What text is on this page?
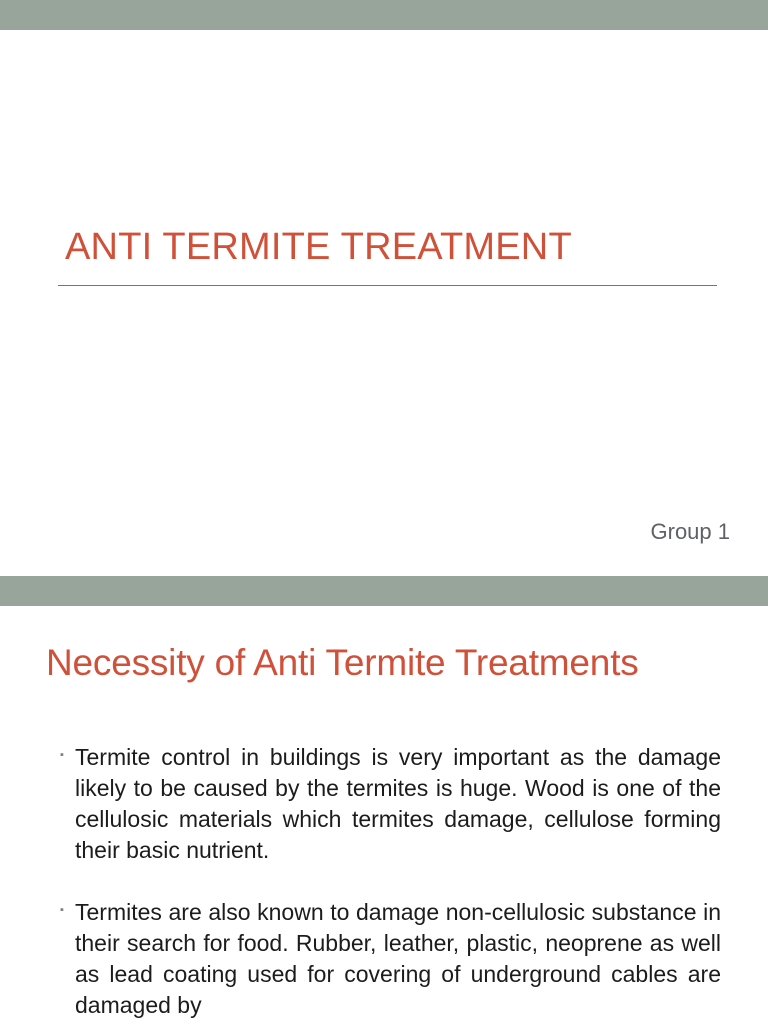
ANTI TERMITE TREATMENT
Group 1
Necessity of Anti Termite Treatments
▪ Termite control in buildings is very important as the damage likely to be caused by the termites is huge. Wood is one of the cellulosic materials which termites damage, cellulose forming their basic nutrient.
▪ Termites are also known to damage non-cellulosic substance in their search for food. Rubber, leather, plastic, neoprene as well as lead coating used for covering of underground cables are damaged by
